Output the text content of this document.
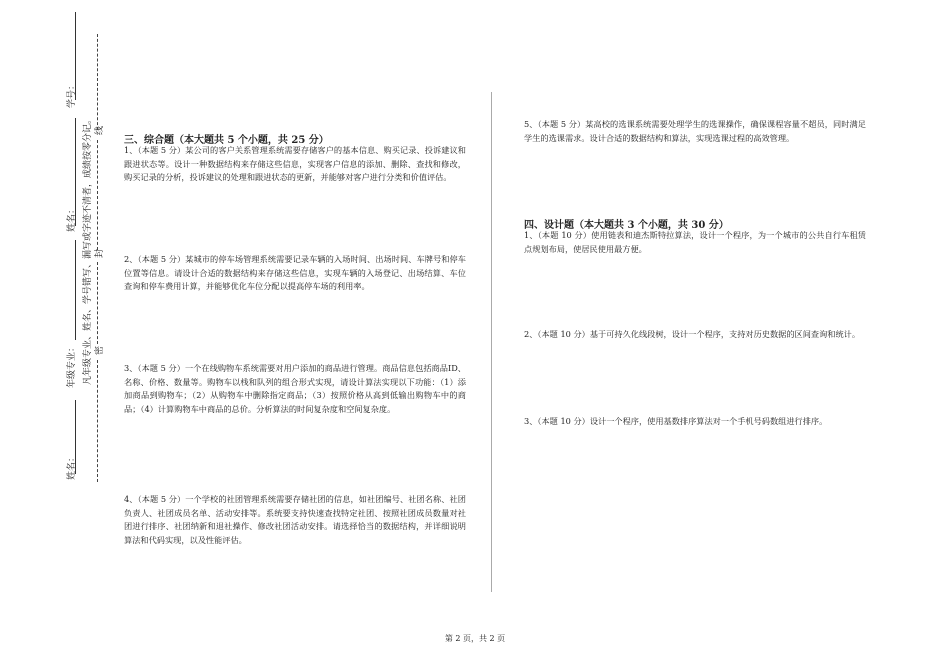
学号：
姓名：
年级专业：
姓名：
凡年级专业、姓名、学号错写、漏写或字迹不清者，成绩按零分记。 密
封
线
三、综合题（本大题共 5 个小题，共 25 分）
1、（本题 5 分）某公司的客户关系管理系统需要存储客户的基本信息、购买记录、投诉建议和跟进状态等。设计一种数据结构来存储这些信息，实现客户信息的添加、删除、查找和修改，购买记录的分析，投诉建议的处理和跟进状态的更新，并能够对客户进行分类和价值评估。
2、（本题 5 分）某城市的停车场管理系统需要记录车辆的入场时间、出场时间、车牌号和停车位置等信息。请设计合适的数据结构来存储这些信息，实现车辆的入场登记、出场结算、车位查询和停车费用计算，并能够优化车位分配以提高停车场的利用率。
3、（本题 5 分）一个在线购物车系统需要对用户添加的商品进行管理。商品信息包括商品ID、名称、价格、数量等。购物车以栈和队列的组合形式实现，请设计算法实现以下功能：（1）添加商品到购物车；（2）从购物车中删除指定商品；（3）按照价格从高到低输出购物车中的商品；（4）计算购物车中商品的总价。分析算法的时间复杂度和空间复杂度。
4、（本题 5 分）一个学校的社团管理系统需要存储社团的信息，如社团编号、社团名称、社团负责人、社团成员名单、活动安排等。系统要支持快速查找特定社团、按照社团成员数量对社团进行排序、社团纳新和退社操作、修改社团活动安排。请选择恰当的数据结构，并详细说明算法和代码实现，以及性能评估。
5、（本题 5 分）某高校的选课系统需要处理学生的选课操作，确保课程容量不超员，同时满足学生的选课需求。设计合适的数据结构和算法，实现选课过程的高效管理。
四、设计题（本大题共 3 个小题，共 30 分）
1、（本题 10 分）使用链表和迪杰斯特拉算法，设计一个程序，为一个城市的公共自行车租赁点规划布局，使居民使用最方便。
2、（本题 10 分）基于可持久化线段树，设计一个程序，支持对历史数据的区间查询和统计。
3、（本题 10 分）设计一个程序，使用基数排序算法对一个手机号码数组进行排序。
第 2 页，共 2 页
